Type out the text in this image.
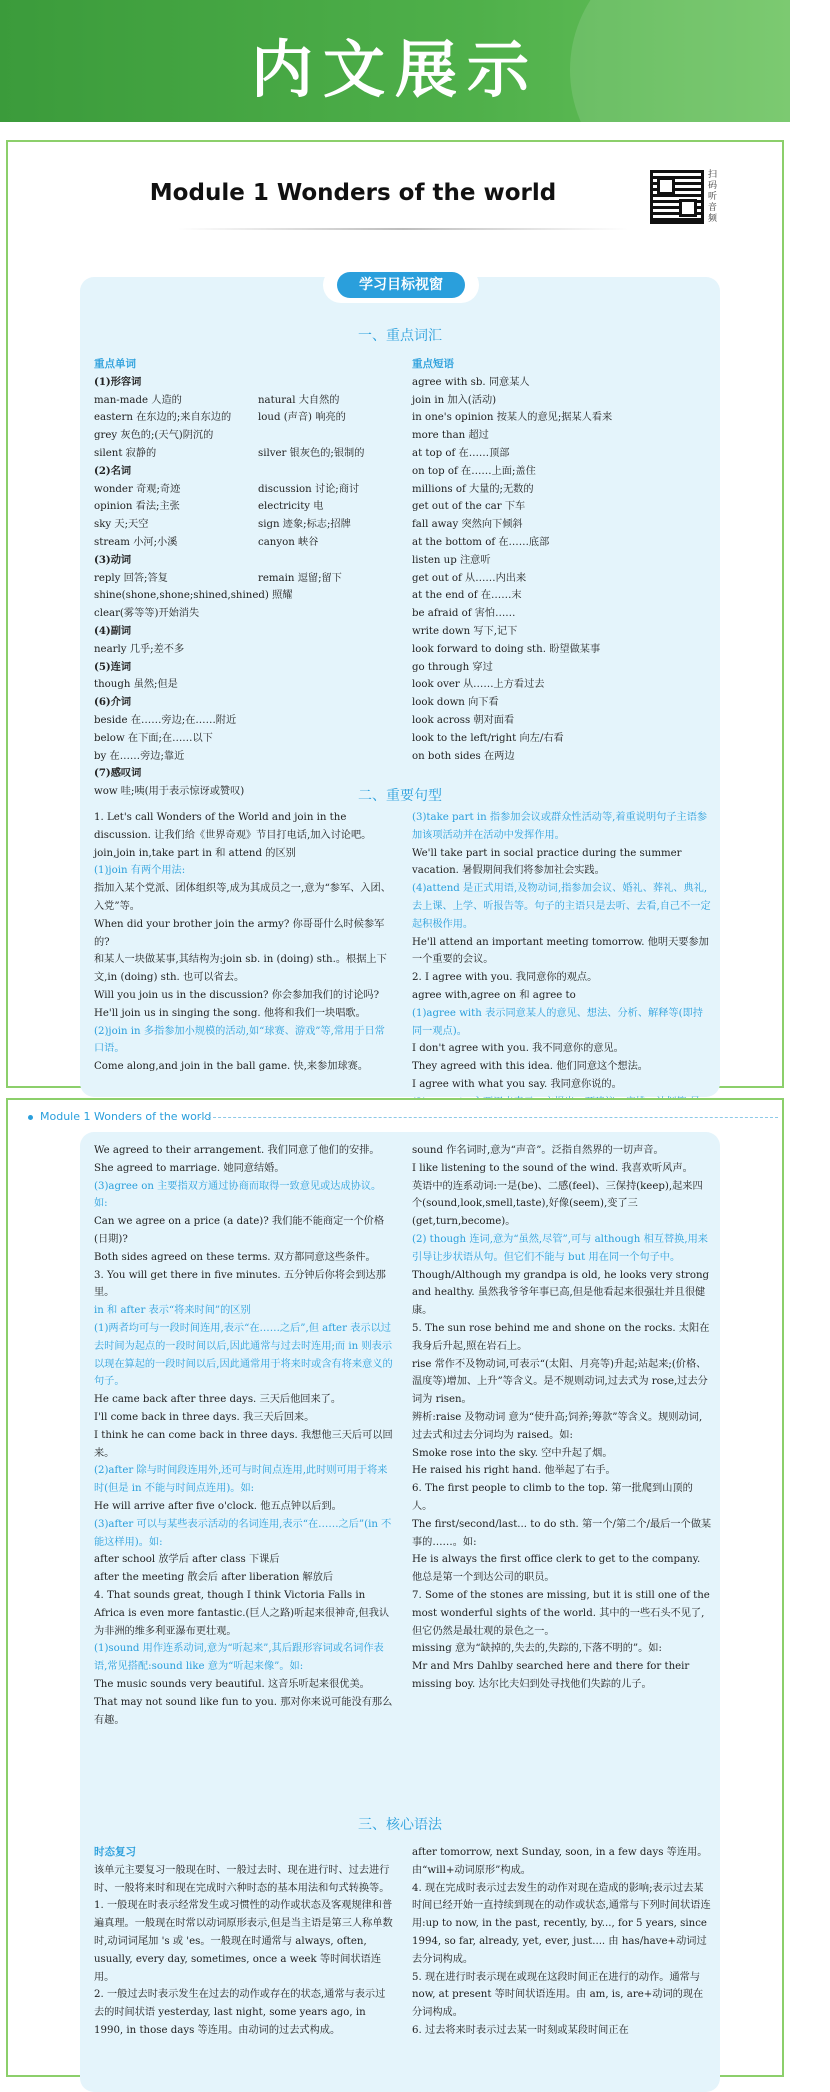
内文展示
Module 1 Wonders of the world
扫码听音频
学习目标视窗
一、重点词汇

重点单词

(1)形容词

man-made 人造的	natural 大自然的
eastern 在东边的;来自东边的	loud (声音) 响亮的
grey 灰色的;(天气)阴沉的
silent 寂静的	silver 银灰色的;银制的

(2)名词

wonder 奇观;奇迹	discussion 讨论;商讨
opinion 看法;主张	electricity 电
sky 天;天空	sign 迹象;标志;招牌
stream 小河;小溪	canyon 峡谷

(3)动词

reply 回答;答复	remain 逗留;留下

shine(shone,shone;shined,shined) 照耀

clear(雾等等)开始消失

(4)副词

nearly 几乎;差不多

(5)连词

though 虽然;但是

(6)介词

beside 在……旁边;在……附近

below 在下面;在……以下

by 在……旁边;靠近

(7)感叹词

wow 哇;咦(用于表示惊讶或赞叹)

重点短语

agree with sb. 同意某人

join in 加入(活动)

in one's opinion 按某人的意见;据某人看来

more than 超过

at top of 在……顶部

on top of 在……上面;盖住

millions of 大量的;无数的

get out of the car 下车

fall away 突然向下倾斜

at the bottom of 在……底部

listen up 注意听

get out of 从……内出来

at the end of 在……末

be afraid of 害怕……

write down 写下,记下

look forward to doing sth. 盼望做某事

go through 穿过

look over 从……上方看过去

look down 向下看

look across 朝对面看

look to the left/right 向左/右看

on both sides 在两边

二、重要句型

1. Let's call Wonders of the World and join in the discussion. 让我们给《世界奇观》节目打电话,加入讨论吧。

join,join in,take part in 和 attend 的区别

(1)join 有两个用法:

指加入某个党派、团体组织等,成为其成员之一,意为“参军、入团、入党”等。

When did your brother join the army? 你哥哥什么时候参军的?

和某人一块做某事,其结构为:join sb. in (doing) sth.。根据上下文,in (doing) sth. 也可以省去。

Will you join us in the discussion? 你会参加我们的讨论吗?

He'll join us in singing the song. 他将和我们一块唱歌。

(2)join in 多指参加小规模的活动,如“球赛、游戏”等,常用于日常口语。

Come along,and join in the ball game. 快,来参加球赛。

(3)take part in 指参加会议或群众性活动等,着重说明句子主语参加该项活动并在活动中发挥作用。

We'll take part in social practice during the summer vacation. 暑假期间我们将参加社会实践。

(4)attend 是正式用语,及物动词,指参加会议、婚礼、葬礼、典礼,去上课、上学、听报告等。句子的主语只是去听、去看,自己不一定起积极作用。

He'll attend an important meeting tomorrow. 他明天要参加一个重要的会议。

2. I agree with you. 我同意你的观点。

agree with,agree on 和 agree to

(1)agree with 表示同意某人的意见、想法、分析、解释等(即持同一观点)。

I don't agree with you. 我不同意你的意见。

They agreed with this idea. 他们同意这个想法。

I agree with what you say. 我同意你说的。

Module 1 Wonders of the world

We agreed to their arrangement. 我们同意了他们的安排。

She agreed to marriage. 她同意结婚。

(3)agree on 主要指双方通过协商而取得一致意见或达成协议。如:

Can we agree on a price (a date)? 我们能不能商定一个价格(日期)?

Both sides agreed on these terms. 双方都同意这些条件。

3. You will get there in five minutes. 五分钟后你将会到达那里。

in 和 after 表示“将来时间”的区别

(1)两者均可与一段时间连用,表示“在……之后”,但 after 表示以过去时间为起点的一段时间以后,因此通常与过去时连用;而 in 则表示以现在算起的一段时间以后,因此通常用于将来时或含有将来意义的句子。

He came back after three days. 三天后他回来了。

I'll come back in three days. 我三天后回来。

I think he can come back in three days. 我想他三天后可以回来。

(2)after 除与时间段连用外,还可与时间点连用,此时则可用于将来时(但是 in 不能与时间点连用)。如:

He will arrive after five o'clock. 他五点钟以后到。

(3)after 可以与某些表示活动的名词连用,表示“在……之后”(in 不能这样用)。如:

after school 放学后 after class 下课后

after the meeting 散会后 after liberation 解放后

4. That sounds great, though I think Victoria Falls in Africa is even more fantastic.(巨人之路)听起来很神奇,但我认为非洲的维多利亚瀑布更壮观。

(1)sound 用作连系动词,意为“听起来”,其后跟形容词或名词作表语,常见搭配:sound like 意为“听起来像”。如:

The music sounds very beautiful. 这音乐听起来很优美。

That may not sound like fun to you. 那对你来说可能没有那么有趣。

sound 作名词时,意为“声音”。泛指自然界的一切声音。

I like listening to the sound of the wind. 我喜欢听风声。

英语中的连系动词:一是(be)、二感(feel)、三保持(keep),起来四个(sound,look,smell,taste),好像(seem),变了三(get,turn,become)。

(2) though 连词,意为“虽然,尽管”,可与 although 相互替换,用来引导让步状语从句。但它们不能与 but 用在同一个句子中。

Though/Although my grandpa is old, he looks very strong and healthy. 虽然我爷爷年事已高,但是他看起来很强壮并且很健康。

5. The sun rose behind me and shone on the rocks. 太阳在我身后升起,照在岩石上。

rise 常作不及物动词,可表示“(太阳、月亮等)升起;站起来;(价格、温度等)增加、上升”等含义。是不规则动词,过去式为 rose,过去分词为 risen。

辨析:raise 及物动词 意为“使升高;饲养;筹款”等含义。规则动词,过去式和过去分词均为 raised。如:

Smoke rose into the sky. 空中升起了烟。

He raised his right hand. 他举起了右手。

6. The first people to climb to the top. 第一批爬到山顶的人。

The first/second/last... to do sth. 第一个/第二个/最后一个做某事的……。如:

He is always the first office clerk to get to the company. 他总是第一个到达公司的职员。

7. Some of the stones are missing, but it is still one of the most wonderful sights of the world. 其中的一些石头不见了,但它仍然是最壮观的景色之一。

missing 意为“缺掉的,失去的,失踪的,下落不明的”。如:

Mr and Mrs Dahlby searched here and there for their missing boy. 达尔比夫妇到处寻找他们失踪的儿子。

三、核心语法

时态复习

该单元主要复习一般现在时、一般过去时、现在进行时、过去进行时、一般将来时和现在完成时六种时态的基本用法和句式转换等。

1. 一般现在时表示经常发生或习惯性的动作或状态及客观规律和普遍真理。一般现在时常以动词原形表示,但是当主语是第三人称单数时,动词词尾加 's 或 'es。一般现在时通常与 always, often, usually, every day, sometimes, once a week 等时间状语连用。

2. 一般过去时表示发生在过去的动作或存在的状态,通常与表示过去的时间状语 yesterday, last night, some years ago, in 1990, in those days 等连用。由动词的过去式构成。

after tomorrow, next Sunday, soon, in a few days 等连用。由“will+动词原形”构成。

4. 现在完成时表示过去发生的动作对现在造成的影响;表示过去某时间已经开始一直持续到现在的动作或状态,通常与下列时间状语连用:up to now, in the past, recently, by..., for 5 years, since 1994, so far, already, yet, ever, just.... 由 has/have+动词过去分词构成。

5. 现在进行时表示现在或现在这段时间正在进行的动作。通常与 now, at present 等时间状语连用。由 am, is, are+动词的现在分词构成。

6. 过去将来时表示过去某一时刻或某段时间正在
